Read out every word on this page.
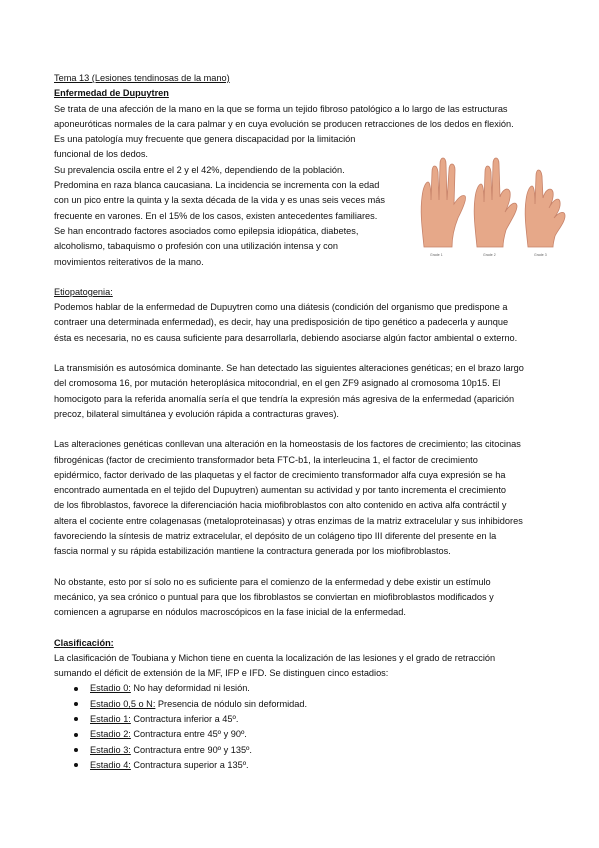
Grade 1	Grade 2	Grade 3

Tema 13 (Lesiones tendinosas de la mano)

Enfermedad de Dupuytren

Se trata de una afección de la mano en la que se forma un tejido fibroso patológico a lo largo de las estructuras

aponeuróticas normales de la cara palmar y en cuya evolución se producen retracciones de los dedos en flexión.

Es una patología muy frecuente que genera discapacidad por la limitación

funcional de los dedos.

Su prevalencia oscila entre el 2 y el 42%, dependiendo de la población.

Predomina en raza blanca caucasiana. La incidencia se incrementa con la edad

con un pico entre la quinta y la sexta década de la vida y es unas seis veces más

frecuente en varones. En el 15% de los casos, existen antecedentes familiares.

Se han encontrado factores asociados como epilepsia idiopática, diabetes,

alcoholismo, tabaquismo o profesión con una utilización intensa y con

movimientos reiterativos de la mano.

Etiopatogenia:

Podemos hablar de la enfermedad de Dupuytren como una diátesis (condición del organismo que predispone a

contraer una determinada enfermedad), es decir, hay una predisposición de tipo genético a padecerla y aunque

ésta es necesaria, no es causa suficiente para desarrollarla, debiendo asociarse algún factor ambiental o externo.

La transmisión es autosómica dominante. Se han detectado las siguientes alteraciones genéticas; en el brazo largo

del cromosoma 16, por mutación heteroplásica mitocondrial, en el gen ZF9 asignado al cromosoma 10p15. El

homocigoto para la referida anomalía sería el que tendría la expresión más agresiva de la enfermedad (aparición

precoz, bilateral simultánea y evolución rápida a contracturas graves).

Las alteraciones genéticas conllevan una alteración en la homeostasis de los factores de crecimiento; las citocinas

fibrogénicas (factor de crecimiento transformador beta FTC-b1, la interleucina 1, el factor de crecimiento

epidérmico, factor derivado de las plaquetas y el factor de crecimiento transformador alfa cuya expresión se ha

encontrado aumentada en el tejido del Dupuytren) aumentan su actividad y por tanto incrementa el crecimiento

de los fibroblastos, favorece la diferenciación hacia miofibroblastos con alto contenido en activa alfa contráctil y

altera el cociente entre colagenasas (metaloproteinasas) y otras enzimas de la matriz extracelular y sus inhibidores

favoreciendo la síntesis de matriz extracelular, el depósito de un colágeno tipo III diferente del presente en la

fascia normal y su rápida estabilización mantiene la contractura generada por los miofibroblastos.

No obstante, esto por sí solo no es suficiente para el comienzo de la enfermedad y debe existir un estímulo

mecánico, ya sea crónico o puntual para que los fibroblastos se conviertan en miofibroblastos modificados y

comiencen a agruparse en nódulos macroscópicos en la fase inicial de la enfermedad.

Clasificación:

La clasificación de Toubiana y Michon tiene en cuenta la localización de las lesiones y el grado de retracción

sumando el déficit de extensión de la MF, IFP e IFD. Se distinguen cinco estadios:

Estadio 0: No hay deformidad ni lesión.
Estadio 0,5 o N: Presencia de nódulo sin deformidad.
Estadio 1: Contractura inferior a 45º.
Estadio 2: Contractura entre 45º y 90º.
Estadio 3: Contractura entre 90º y 135º.
Estadio 4: Contractura superior a 135º.
